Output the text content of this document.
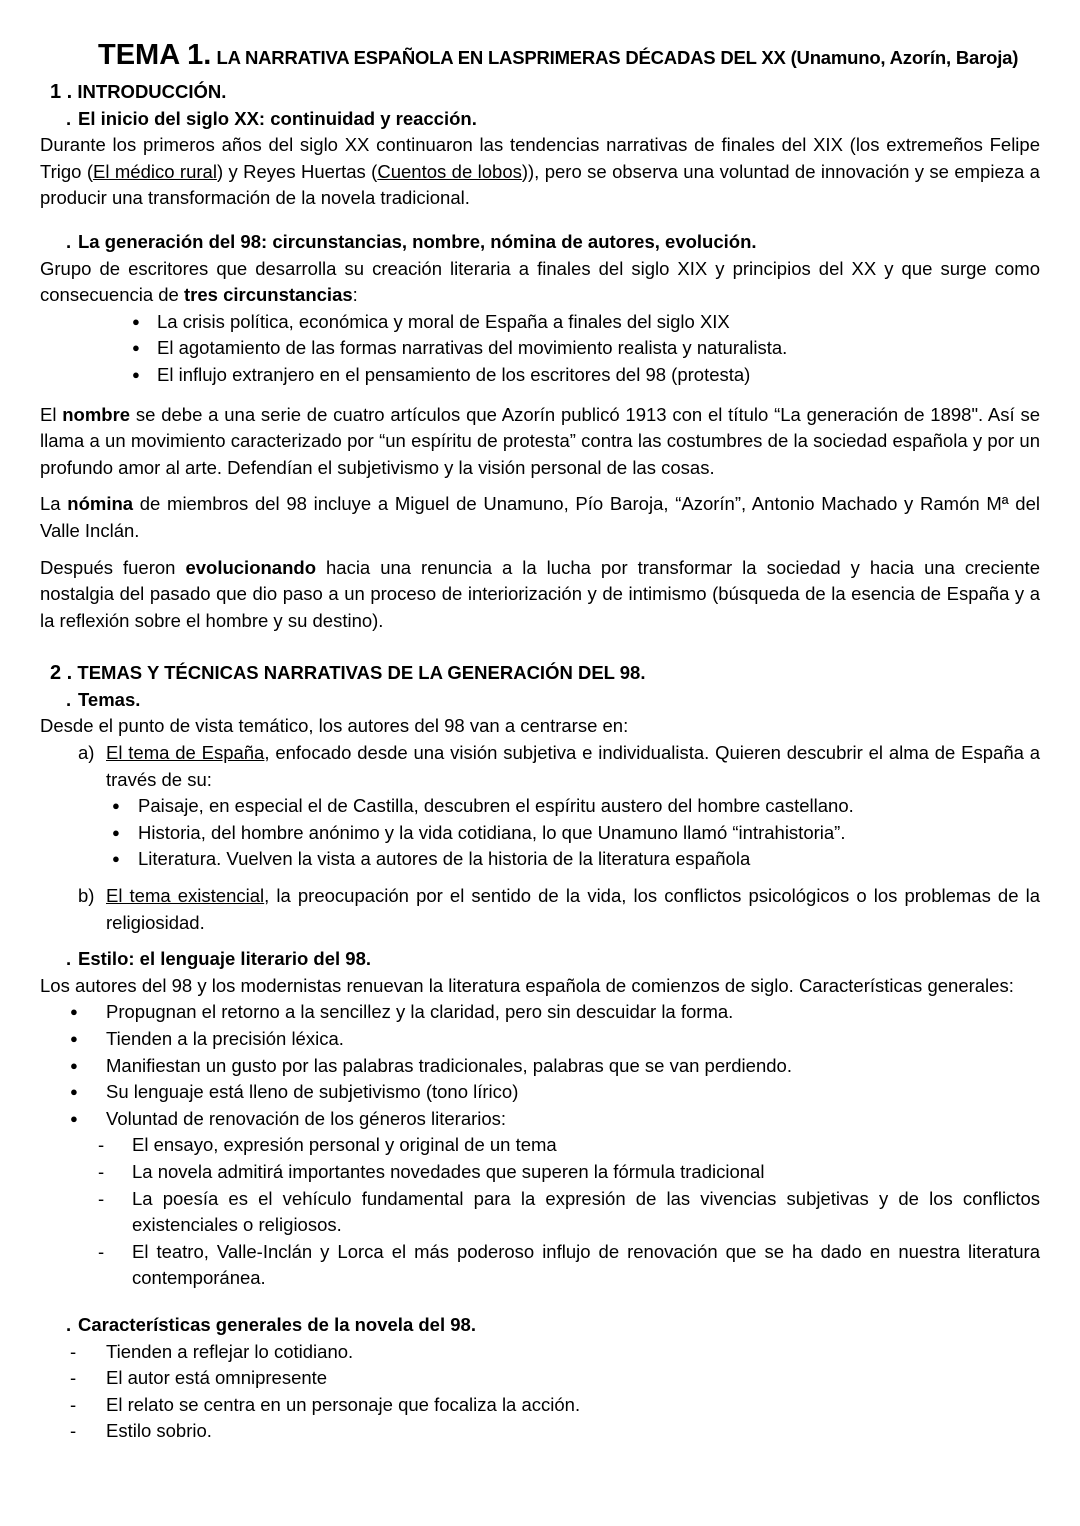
TEMA 1. LA NARRATIVA ESPAÑOLA EN LASPRIMERAS DÉCADAS DEL XX (Unamuno, Azorín, Baroja)
1 . INTRODUCCIÓN.
. El inicio del siglo XX: continuidad y reacción.

Durante los primeros años del siglo XX continuaron las tendencias narrativas de finales del XIX (los extremeños Felipe Trigo (El médico rural) y Reyes Huertas (Cuentos de lobos)), pero se observa una voluntad de innovación y se empieza a producir una transformación de la novela tradicional.

. La generación del 98: circunstancias, nombre, nómina de autores, evolución.

Grupo de escritores que desarrolla su creación literaria a finales del siglo XIX y principios del XX y que surge como consecuencia de tres circunstancias:

● La crisis política, económica y moral de España a finales del siglo XIX
● El agotamiento de las formas narrativas del movimiento realista y naturalista.
● El influjo extranjero en el pensamiento de los escritores del 98 (protesta)

El nombre se debe a una serie de cuatro artículos que Azorín publicó 1913 con el título “La generación de 1898". Así se llama a un movimiento caracterizado por “un espíritu de protesta” contra las costumbres de la sociedad española y por un profundo amor al arte. Defendían el subjetivismo y la visión personal de las cosas.

La nómina de miembros del 98 incluye a Miguel de Unamuno, Pío Baroja, “Azorín”, Antonio Machado y Ramón Mª del Valle Inclán.

Después fueron evolucionando hacia una renuncia a la lucha por transformar la sociedad y hacia una creciente nostalgia del pasado que dio paso a un proceso de interiorización y de intimismo (búsqueda de la esencia de España y a la reflexión sobre el hombre y su destino).

2 . TEMAS Y TÉCNICAS NARRATIVAS DE LA GENERACIÓN DEL 98.
. Temas.

Desde el punto de vista temático, los autores del 98 van a centrarse en:

a) El tema de España, enfocado desde una visión subjetiva e individualista. Quieren descubrir el alma de España a través de su:
● Paisaje, en especial el de Castilla, descubren el espíritu austero del hombre castellano.
● Historia, del hombre anónimo y la vida cotidiana, lo que Unamuno llamó “intrahistoria”.
● Literatura. Vuelven la vista a autores de la historia de la literatura española
b) El tema existencial, la preocupación por el sentido de la vida, los conflictos psicológicos o los problemas de la religiosidad.
. Estilo: el lenguaje literario del 98.

Los autores del 98 y los modernistas renuevan la literatura española de comienzos de siglo. Características generales:

● Propugnan el retorno a la sencillez y la claridad, pero sin descuidar la forma.
● Tienden a la precisión léxica.
● Manifiestan un gusto por las palabras tradicionales, palabras que se van perdiendo.
● Su lenguaje está lleno de subjetivismo (tono lírico)
● Voluntad de renovación de los géneros literarios:
- El ensayo, expresión personal y original de un tema
- La novela admitirá importantes novedades que superen la fórmula tradicional
- La poesía es el vehículo fundamental para la expresión de las vivencias subjetivas y de los conflictos existenciales o religiosos.
- El teatro, Valle-Inclán y Lorca el más poderoso influjo de renovación que se ha dado en nuestra literatura contemporánea.
. Características generales de la novela del 98.
- Tienden a reflejar lo cotidiano.
- El autor está omnipresente
- El relato se centra en un personaje que focaliza la acción.
- Estilo sobrio.
